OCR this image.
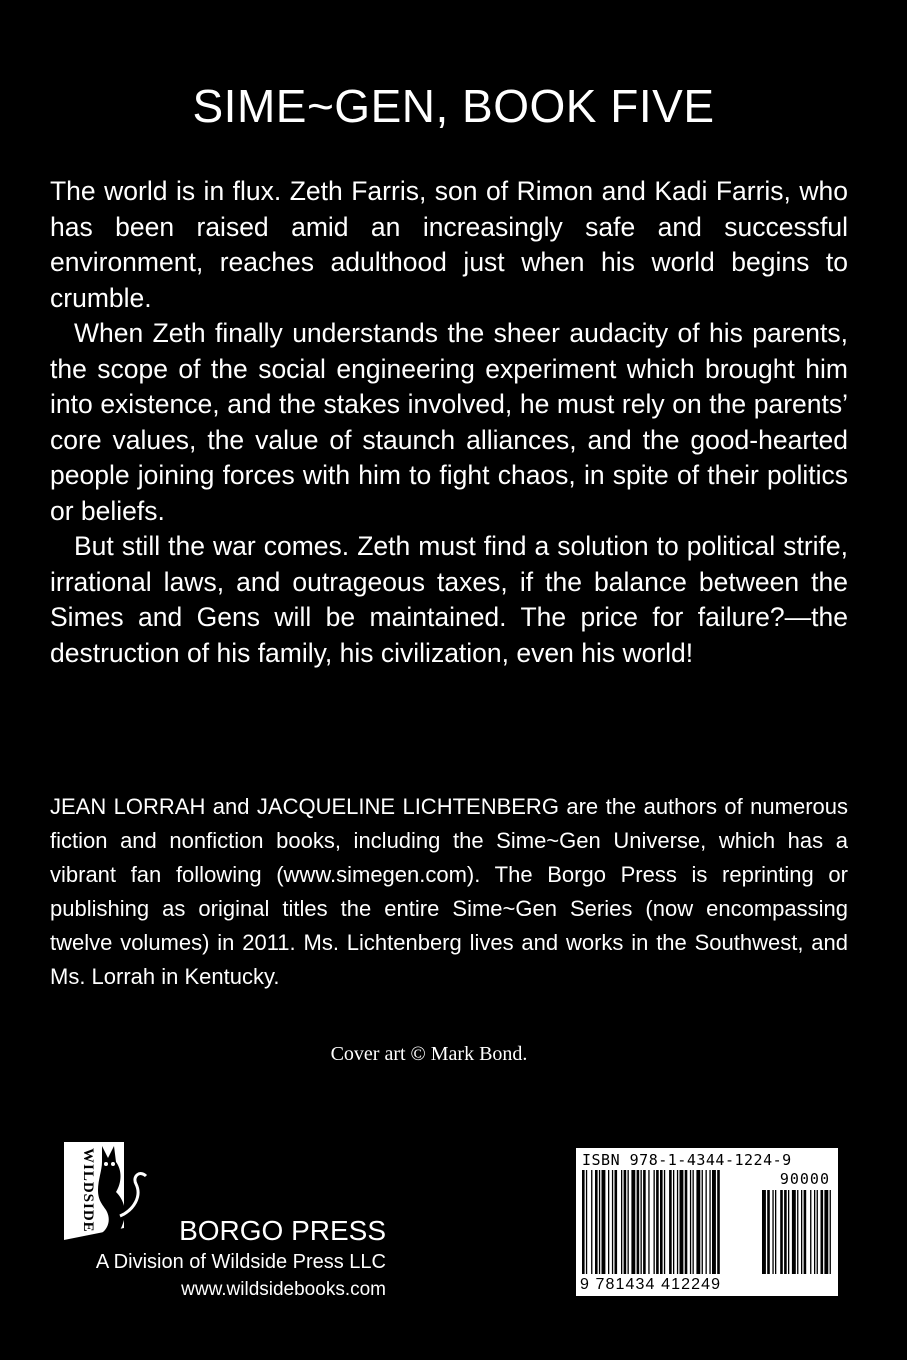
SIME~GEN, BOOK FIVE

The world is in flux. Zeth Farris, son of Rimon and Kadi Farris, who has been raised amid an increasingly safe and successful environment, reaches adulthood just when his world begins to crumble.

When Zeth finally understands the sheer audacity of his parents, the scope of the social engineering experiment which brought him into existence, and the stakes involved, he must rely on the parents’ core values, the value of staunch alliances, and the good-hearted people joining forces with him to fight chaos, in spite of their politics or beliefs.

But still the war comes. Zeth must find a solution to political strife, irrational laws, and outrageous taxes, if the balance between the Simes and Gens will be maintained. The price for failure?—the destruction of his family, his civilization, even his world!

JEAN LORRAH and JACQUELINE LICHTENBERG are the authors of numerous fiction and nonfiction books, including the Sime~Gen Universe, which has a vibrant fan following (www.simegen.com). The Borgo Press is reprinting or publishing as original titles the entire Sime~Gen Series (now encompassing twelve volumes) in 2011. Ms. Lichtenberg lives and works in the Southwest, and Ms. Lorrah in Kentucky.
Cover art © Mark Bond.
WILDSIDE	BORGO PRESS
A Division of Wildside Press LLC
www.wildsidebooks.com
ISBN 978-1-4344-1224-9
90000
9 781434 412249
